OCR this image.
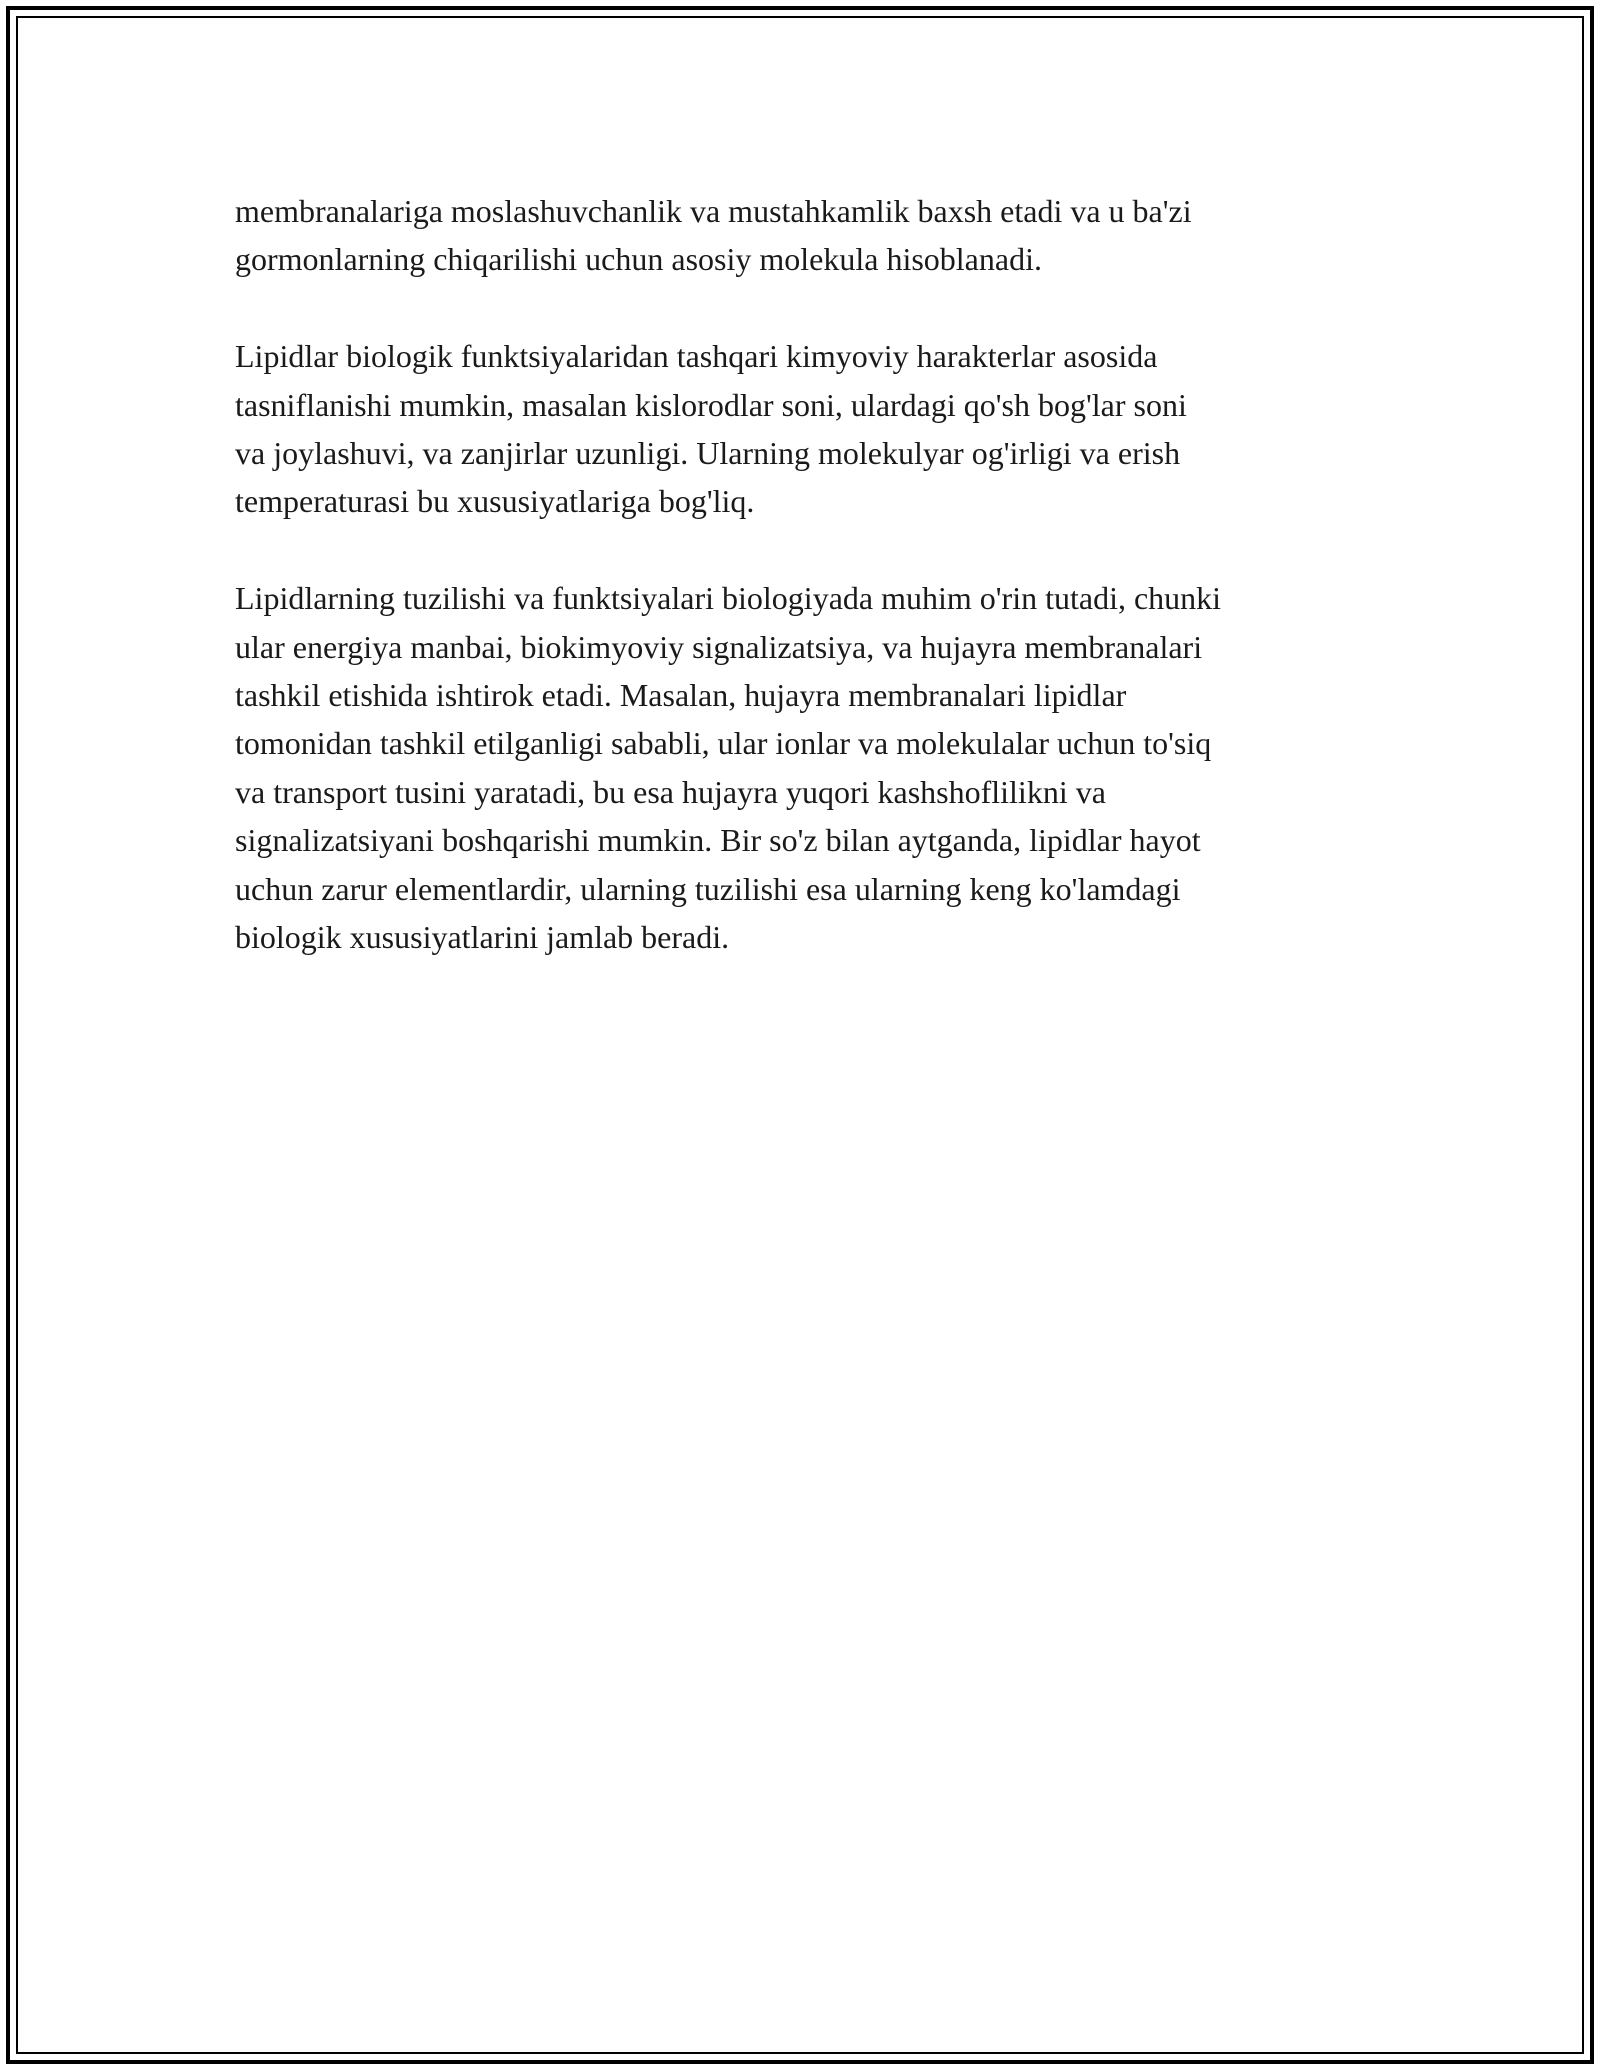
membranalariga moslashuvchanlik va mustahkamlik baxsh etadi va u ba'zi
gormonlarning chiqarilishi uchun asosiy molekula hisoblanadi.

Lipidlar biologik funktsiyalaridan tashqari kimyoviy harakterlar asosida
tasniflanishi mumkin, masalan kislorodlar soni, ulardagi qo'sh bog'lar soni
va joylashuvi, va zanjirlar uzunligi. Ularning molekulyar og'irligi va erish
temperaturasi bu xususiyatlariga bog'liq.

Lipidlarning tuzilishi va funktsiyalari biologiyada muhim o'rin tutadi, chunki
ular energiya manbai, biokimyoviy signalizatsiya, va hujayra membranalari
tashkil etishida ishtirok etadi. Masalan, hujayra membranalari lipidlar
tomonidan tashkil etilganligi sababli, ular ionlar va molekulalar uchun to'siq
va transport tusini yaratadi, bu esa hujayra yuqori kashshoflilikni va
signalizatsiyani boshqarishi mumkin. Bir so'z bilan aytganda, lipidlar hayot
uchun zarur elementlardir, ularning tuzilishi esa ularning keng ko'lamdagi
biologik xususiyatlarini jamlab beradi.
